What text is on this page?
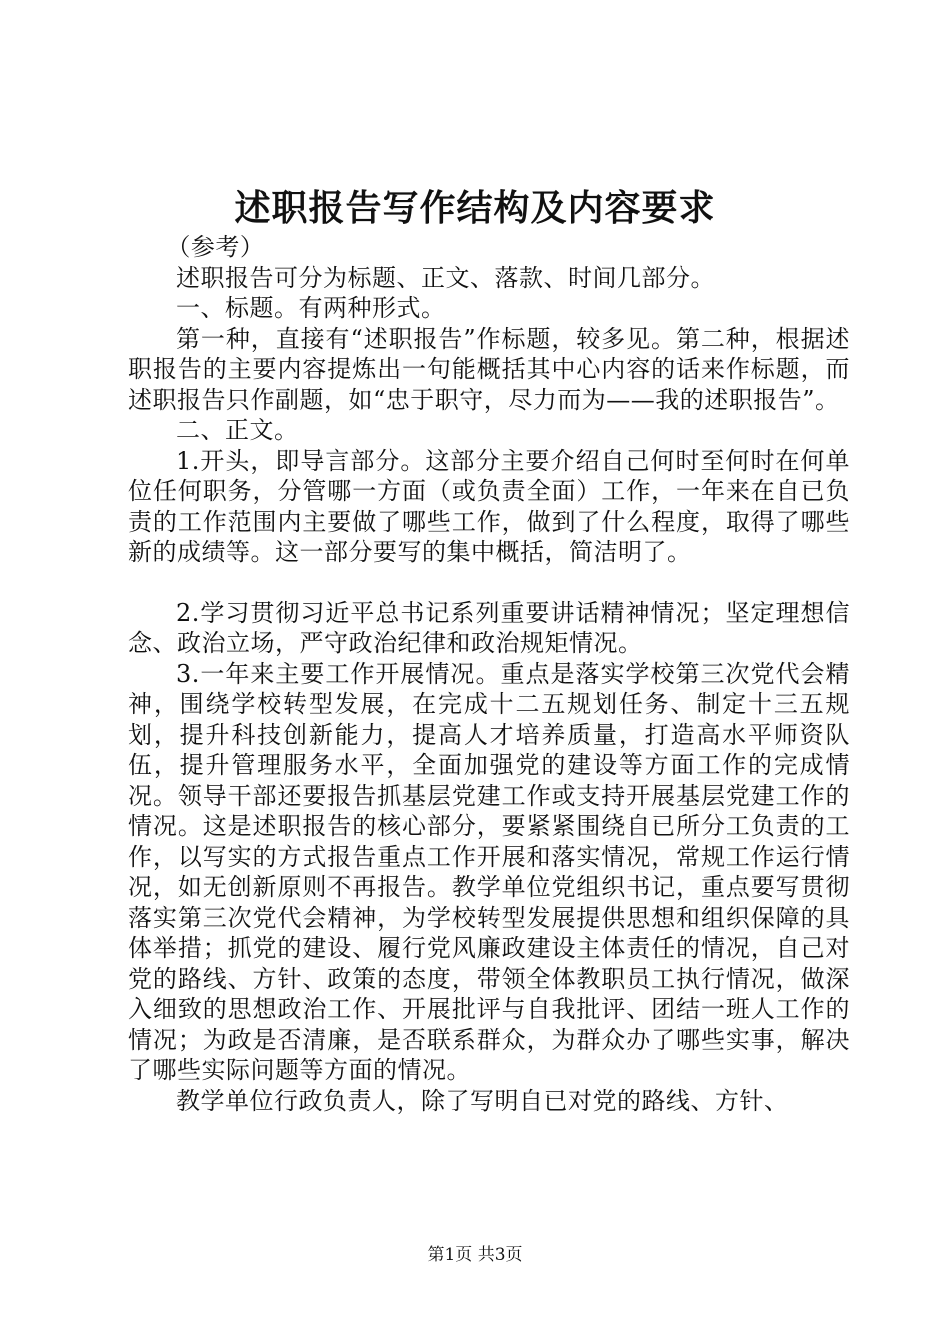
述职报告写作结构及内容要求

（参考）

述职报告可分为标题、正文、落款、时间几部分。

一、标题。有两种形式。

第一种，直接有“述职报告”作标题，较多见。第二种，根据述职报告的主要内容提炼出一句能概括其中心内容的话来作标题，而述职报告只作副题，如“忠于职守，尽力而为——我的述职报告”。

二、正文。

1.开头，即导言部分。这部分主要介绍自己何时至何时在何单位任何职务，分管哪一方面（或负责全面）工作，一年来在自已负责的工作范围内主要做了哪些工作，做到了什么程度，取得了哪些新的成绩等。这一部分要写的集中概括，简洁明了。

2.学习贯彻习近平总书记系列重要讲话精神情况；坚定理想信念、政治立场，严守政治纪律和政治规矩情况。

3.一年来主要工作开展情况。重点是落实学校第三次党代会精神，围绕学校转型发展，在完成十二五规划任务、制定十三五规划，提升科技创新能力，提高人才培养质量，打造高水平师资队伍，提升管理服务水平，全面加强党的建设等方面工作的完成情况。领导干部还要报告抓基层党建工作或支持开展基层党建工作的情况。这是述职报告的核心部分，要紧紧围绕自已所分工负责的工作，以写实的方式报告重点工作开展和落实情况，常规工作运行情况，如无创新原则不再报告。教学单位党组织书记，重点要写贯彻落实第三次党代会精神，为学校转型发展提供思想和组织保障的具体举措；抓党的建设、履行党风廉政建设主体责任的情况，自己对党的路线、方针、政策的态度，带领全体教职员工执行情况，做深入细致的思想政治工作、开展批评与自我批评、团结一班人工作的情况；为政是否清廉，是否联系群众，为群众办了哪些实事，解决了哪些实际问题等方面的情况。

教学单位行政负责人，除了写明自已对党的路线、方针、

第1页 共3页
